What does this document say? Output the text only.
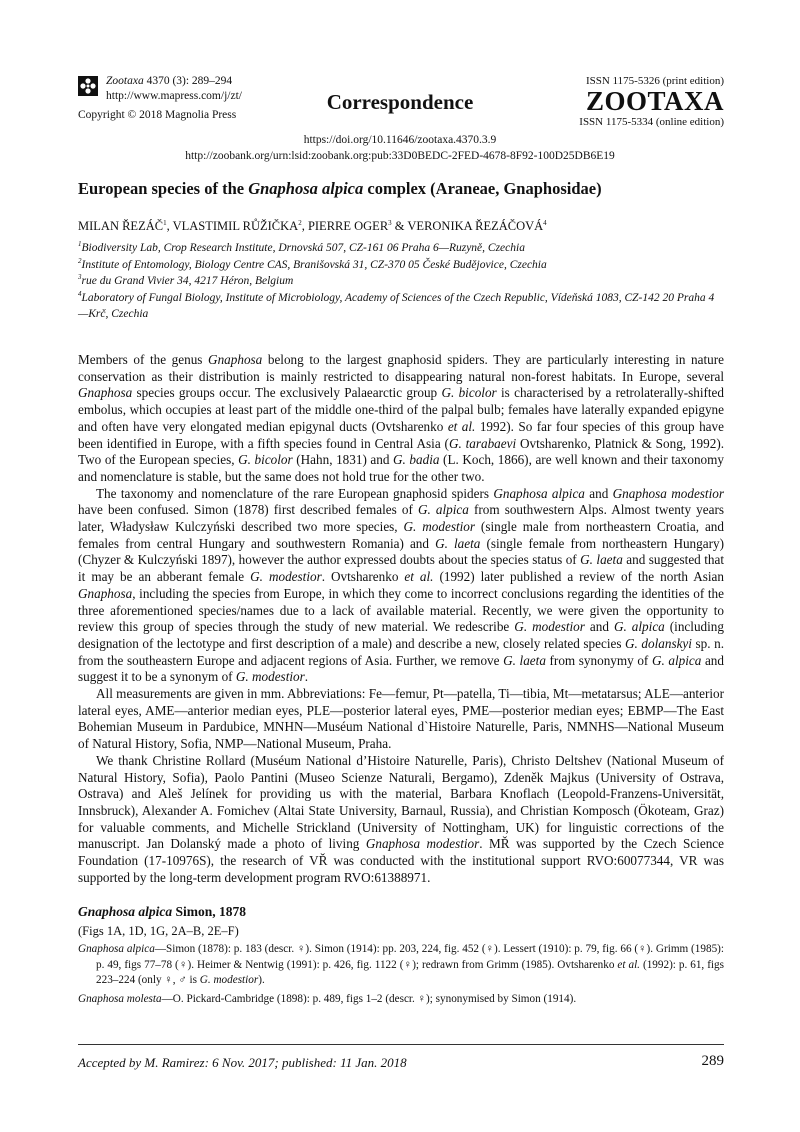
Zootaxa 4370 (3): 289–294
http://www.mapress.com/j/zt/
Copyright © 2018 Magnolia Press
Correspondence
ISSN 1175-5326 (print edition)
ZOOTAXA
ISSN 1175-5334 (online edition)
https://doi.org/10.11646/zootaxa.4370.3.9
http://zoobank.org/urn:lsid:zoobank.org:pub:33D0BEDC-2FED-4678-8F92-100D25DB6E19
European species of the Gnaphosa alpica complex (Araneae, Gnaphosidae)
MILAN ŘEZÁČ$^1$, VLASTIMIL RŮŽIČKA$^2$, PIERRE OGER$^3$ & VERONIKA ŘEZÁČOVÁ$^4$
$^1$Biodiversity Lab, Crop Research Institute, Drnovská 507, CZ-161 06 Praha 6—Ruzyně, Czechia
$^2$Institute of Entomology, Biology Centre CAS, Branišovská 31, CZ-370 05 České Budějovice, Czechia
$^3$rue du Grand Vivier 34, 4217 Héron, Belgium
$^4$Laboratory of Fungal Biology, Institute of Microbiology, Academy of Sciences of the Czech Republic, Vídeňská 1083, CZ-142 20 Praha 4—Krč, Czechia

Members of the genus Gnaphosa belong to the largest gnaphosid spiders. They are particularly interesting in nature conservation as their distribution is mainly restricted to disappearing natural non-forest habitats. In Europe, several Gnaphosa species groups occur. The exclusively Palaearctic group G. bicolor is characterised by a retrolaterally-shifted embolus, which occupies at least part of the middle one-third of the palpal bulb; females have laterally expanded epigyne and often have very elongated median epigynal ducts (Ovtsharenko et al. 1992). So far four species of this group have been identified in Europe, with a fifth species found in Central Asia (G. tarabaevi Ovtsharenko, Platnick & Song, 1992). Two of the European species, G. bicolor (Hahn, 1831) and G. badia (L. Koch, 1866), are well known and their taxonomy and nomenclature is stable, but the same does not hold true for the other two.

The taxonomy and nomenclature of the rare European gnaphosid spiders Gnaphosa alpica and Gnaphosa modestior have been confused. Simon (1878) first described females of G. alpica from southwestern Alps. Almost twenty years later, Władysław Kulczyński described two more species, G. modestior (single male from northeastern Croatia, and females from central Hungary and southwestern Romania) and G. laeta (single female from northeastern Hungary) (Chyzer & Kulczyński 1897), however the author expressed doubts about the species status of G. laeta and suggested that it may be an abberant female G. modestior. Ovtsharenko et al. (1992) later published a review of the north Asian Gnaphosa, including the species from Europe, in which they come to incorrect conclusions regarding the identities of the three aforementioned species/names due to a lack of available material. Recently, we were given the opportunity to review this group of species through the study of new material. We redescribe G. modestior and G. alpica (including designation of the lectotype and first description of a male) and describe a new, closely related species G. dolanskyi sp. n. from the southeastern Europe and adjacent regions of Asia. Further, we remove G. laeta from synonymy of G. alpica and suggest it to be a synonym of G. modestior.

All measurements are given in mm. Abbreviations: Fe—femur, Pt—patella, Ti—tibia, Mt—metatarsus; ALE—anterior lateral eyes, AME—anterior median eyes, PLE—posterior lateral eyes, PME—posterior median eyes; EBMP—The East Bohemian Museum in Pardubice, MNHN—Muséum National d`Histoire Naturelle, Paris, NMNHS—National Museum of Natural History, Sofia, NMP—National Museum, Praha.

We thank Christine Rollard (Muséum National d’Histoire Naturelle, Paris), Christo Deltshev (National Museum of Natural History, Sofia), Paolo Pantini (Museo Scienze Naturali, Bergamo), Zdeněk Majkus (University of Ostrava, Ostrava) and Aleš Jelínek for providing us with the material, Barbara Knoflach (Leopold-Franzens-Universität, Innsbruck), Alexander A. Fomichev (Altai State University, Barnaul, Russia), and Christian Komposch (Ökoteam, Graz) for valuable comments, and Michelle Strickland (University of Nottingham, UK) for linguistic corrections of the manuscript. Jan Dolanský made a photo of living Gnaphosa modestior. MŘ was supported by the Czech Science Foundation (17-10976S), the research of VŘ was conducted with the institutional support RVO:60077344, VR was supported by the long-term development program RVO:61388971.

Gnaphosa alpica Simon, 1878
(Figs 1A, 1D, 1G, 2A–B, 2E–F)
Gnaphosa alpica—Simon (1878): p. 183 (descr. ♀). Simon (1914): pp. 203, 224, fig. 452 (♀). Lessert (1910): p. 79, fig. 66 (♀). Grimm (1985): p. 49, figs 77–78 (♀). Heimer & Nentwig (1991): p. 426, fig. 1122 (♀); redrawn from Grimm (1985). Ovtsharenko et al. (1992): p. 61, figs 223–224 (only ♀, ♂ is G. modestior).
Gnaphosa molesta—O. Pickard-Cambridge (1898): p. 489, figs 1–2 (descr. ♀); synonymised by Simon (1914).
Accepted by M. Ramirez: 6 Nov. 2017; published: 11 Jan. 2018	289
